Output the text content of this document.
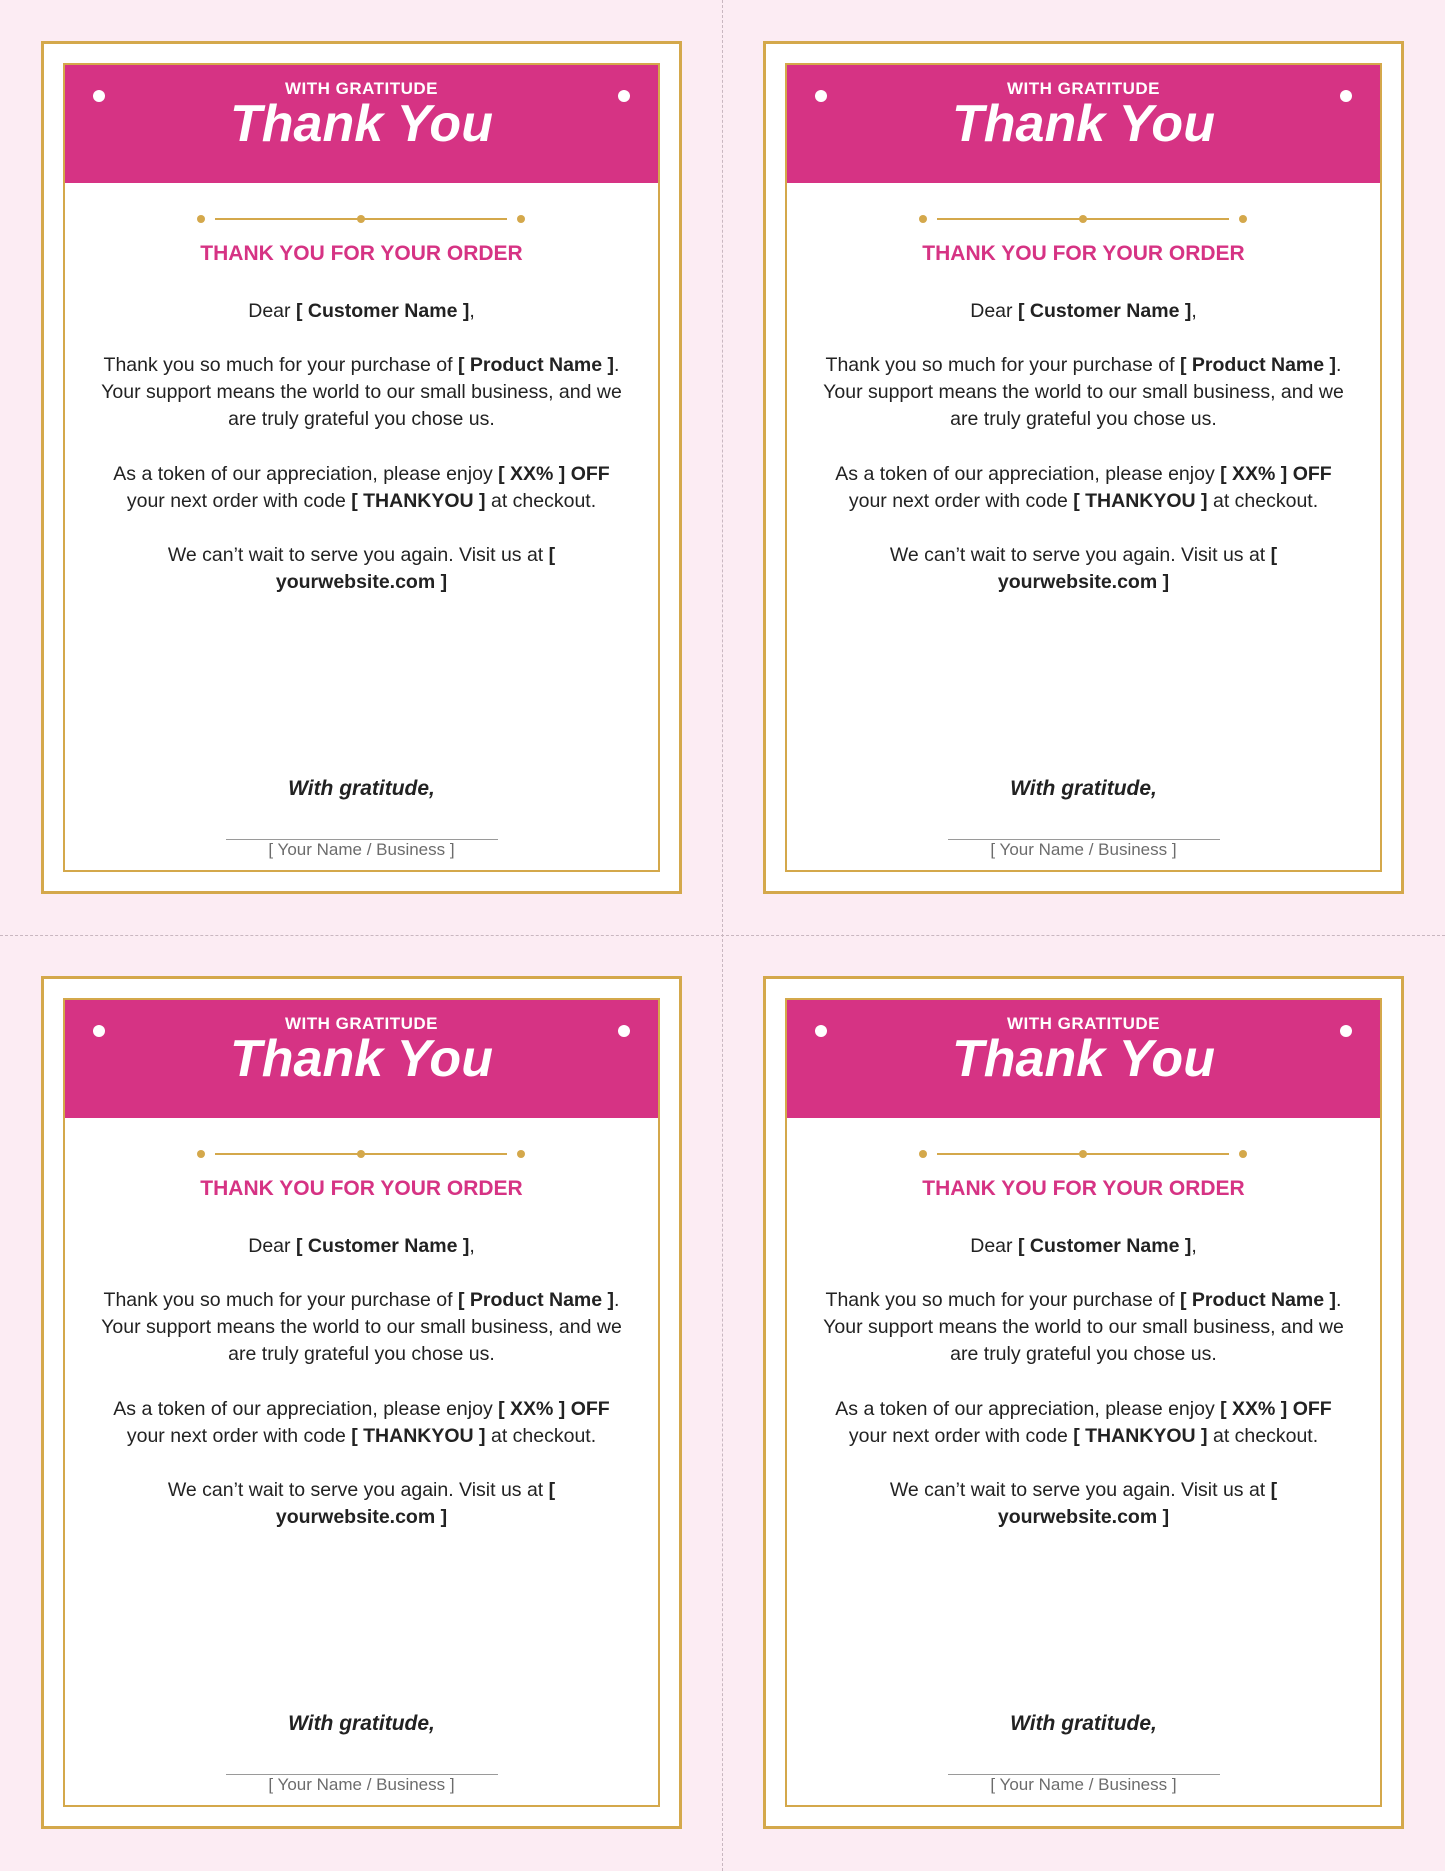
WITH GRATITUDE
Thank You
THANK YOU FOR YOUR ORDER
Dear [ Customer Name ],
Thank you so much for your purchase of [ Product Name ]. Your support means the world to our small business, and we are truly grateful you chose us.
As a token of our appreciation, please enjoy [ XX% ] OFF your next order with code [ THANKYOU ] at checkout.
We can’t wait to serve you again. Visit us at [ yourwebsite.com ]
With gratitude,
[ Your Name / Business ]
WITH GRATITUDE
Thank You
THANK YOU FOR YOUR ORDER
Dear [ Customer Name ],
Thank you so much for your purchase of [ Product Name ]. Your support means the world to our small business, and we are truly grateful you chose us.
As a token of our appreciation, please enjoy [ XX% ] OFF your next order with code [ THANKYOU ] at checkout.
We can’t wait to serve you again. Visit us at [ yourwebsite.com ]
With gratitude,
[ Your Name / Business ]
WITH GRATITUDE
Thank You
THANK YOU FOR YOUR ORDER
Dear [ Customer Name ],
Thank you so much for your purchase of [ Product Name ]. Your support means the world to our small business, and we are truly grateful you chose us.
As a token of our appreciation, please enjoy [ XX% ] OFF your next order with code [ THANKYOU ] at checkout.
We can’t wait to serve you again. Visit us at [ yourwebsite.com ]
With gratitude,
[ Your Name / Business ]
WITH GRATITUDE
Thank You
THANK YOU FOR YOUR ORDER
Dear [ Customer Name ],
Thank you so much for your purchase of [ Product Name ]. Your support means the world to our small business, and we are truly grateful you chose us.
As a token of our appreciation, please enjoy [ XX% ] OFF your next order with code [ THANKYOU ] at checkout.
We can’t wait to serve you again. Visit us at [ yourwebsite.com ]
With gratitude,
[ Your Name / Business ]
